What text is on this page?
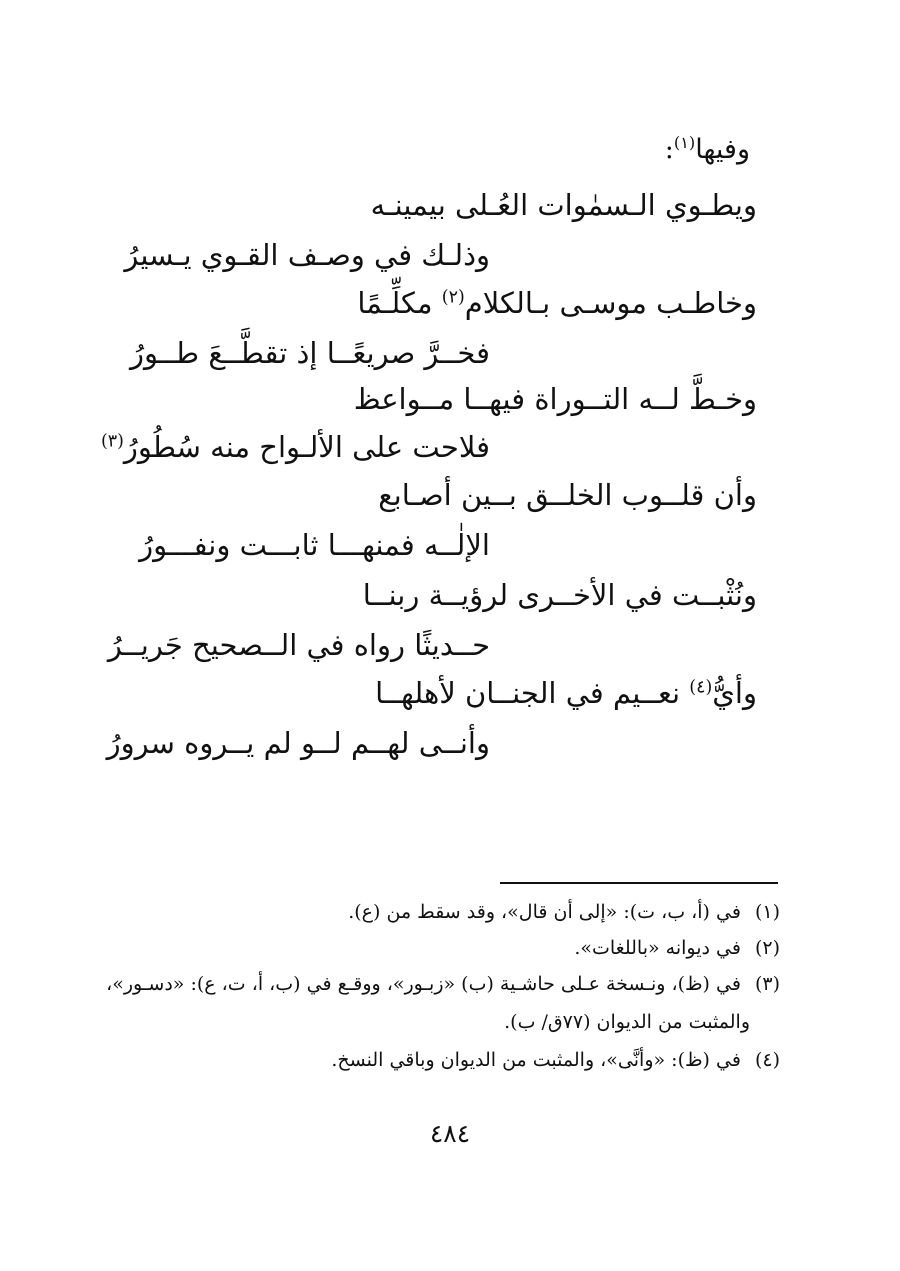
وفيها$^{(١)}$:
ويطـوي الـسمٰوات العُـلى بيمينـه
وذلـك في وصـف القـوي يـسيرُ
وخاطـب موسـى بـالكلام$^{(٢)}$ مكلِّـمًا
فخــرَّ صريعًــا إذ تقطَّــعَ طــورُ
وخـطَّ لــه التــوراة فيهــا مــواعظ
فلاحت على الألـواح منه سُطُورُ$^{(٣)}$
وأن قلــوب الخلــق بــين أصـابع
الإلٰــه فمنهـــا ثابـــت ونفـــورُ
ونُثْبــت في الأخــرى لرؤيــة ربنــا
حــديثًا رواه في الــصحيح جَريــرُ
وأيُّ$^{(٤)}$ نعــيم في الجنــان لأهلهــا
وأنــى لهــم لــو لم يــروه سرورُ
(١)في (أ، ب، ت): «إلى أن قال»، وقد سقط من (ع).
(٢)في ديوانه «باللغات».
(٣)في (ظ)، ونـسخة عـلى حاشـية (ب) «زبـور»، ووقـع في (ب، أ، ت، ع): «دسـور»،
والمثبت من الديوان (٧٧ق/ ب).
(٤)في (ظ): «وأنَّى»، والمثبت من الديوان وباقي النسخ.
٤٨٤
